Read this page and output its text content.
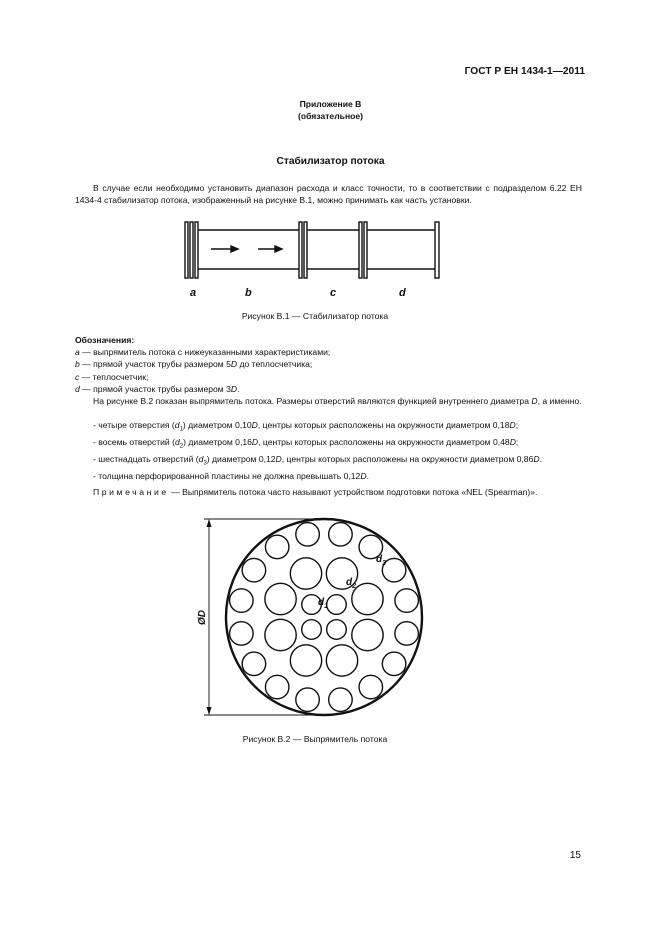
ГОСТ Р ЕН 1434-1—2011
Приложение В
(обязательное)
Стабилизатор потока

В случае если необходимо установить диапазон расхода и класс точности, то в соответствии с подразделом 6.22 ЕН 1434-4 стабилизатор потока, изображенный на рисунке В.1, можно принимать как часть установки.

a	b	c	d
Рисунок В.1 — Стабилизатор потока

Обозначения:

a — выпрямитель потока с нижеуказанными характеристиками;

b — прямой участок трубы размером 5D до теплосчетчика;

c — теплосчетчик;

d — прямой участок трубы размером 3D.

На рисунке В.2 показан выпрямитель потока. Размеры отверстий являются функцией внутреннего диаметра D, а именно.

- четыре отверстия $(d_1)$ диаметром 0,10D, центры которых расположены на окружности диаметром 0,18D;

- восемь отверстий $(d_2)$ диаметром 0,16D, центры которых расположены на окружности диаметром 0,48D;

- шестнадцать отверстий $(d_3)$ диаметром 0,12D, центры которых расположены на окружности диаметром 0,86D.

- толщина перфорированной пластины не должна превышать 0,12D.

Примечание — Выпрямитель потока часто называют устройством подготовки потока «NEL (Spearman)».

ØD
$d_1$
$d_2$
$d_3$
Рисунок В.2 — Выпрямитель потока
15
